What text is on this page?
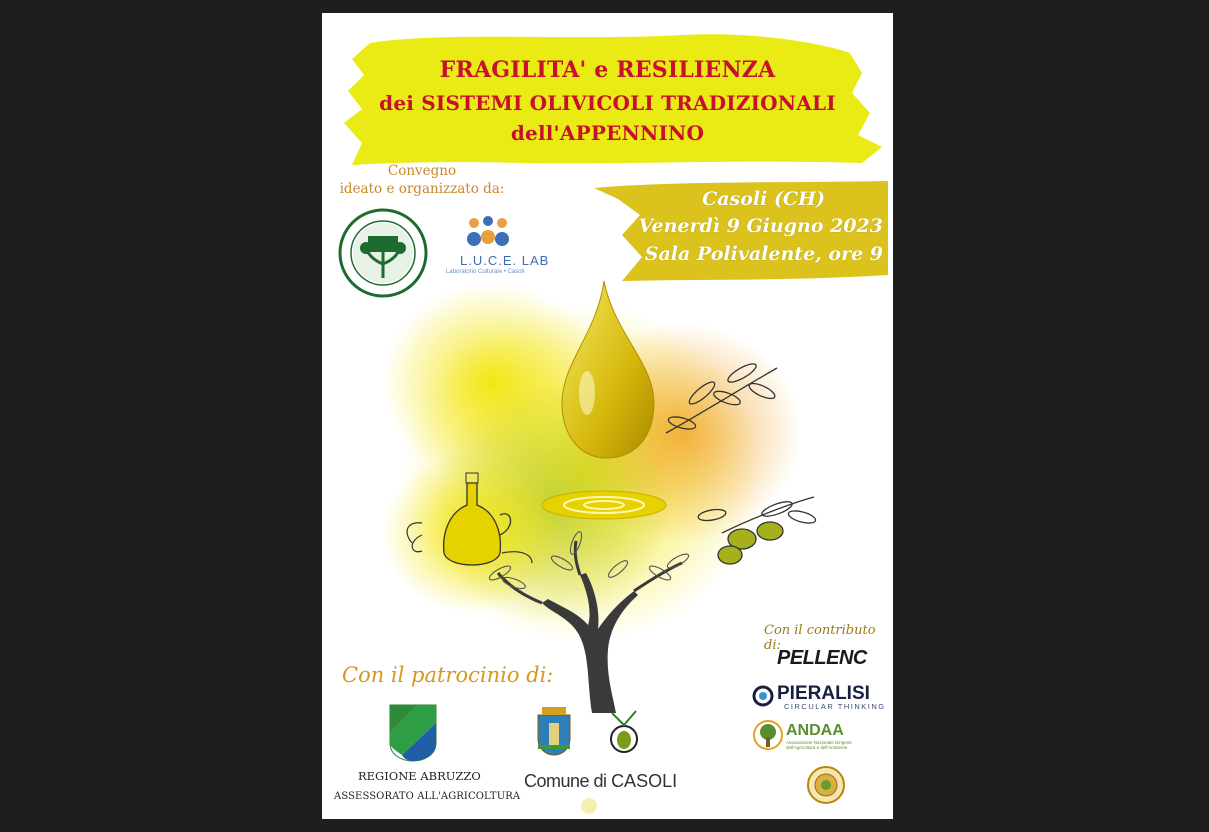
FRAGILITA' e RESILIENZA
dei SISTEMI OLIVICOLI TRADIZIONALI
dell'APPENNINO
Casoli (CH)
Venerdì 9 Giugno 2023
Sala Polivalente, ore 9
Convegno
ideato e organizzato da:
L.U.C.E. LAB
Laboratorio Culturale • Casoli
Con il patrocinio di:
REGIONE ABRUZZO
ASSESSORATO ALL'AGRICOLTURA
Comune di CASOLI
Con il contributo di:
PELLENC
PIERALISI
CIRCULAR THINKING
ANDAA
Associazione Nazionale Dirigenti dell'Agricoltura e dell'Ambiente
